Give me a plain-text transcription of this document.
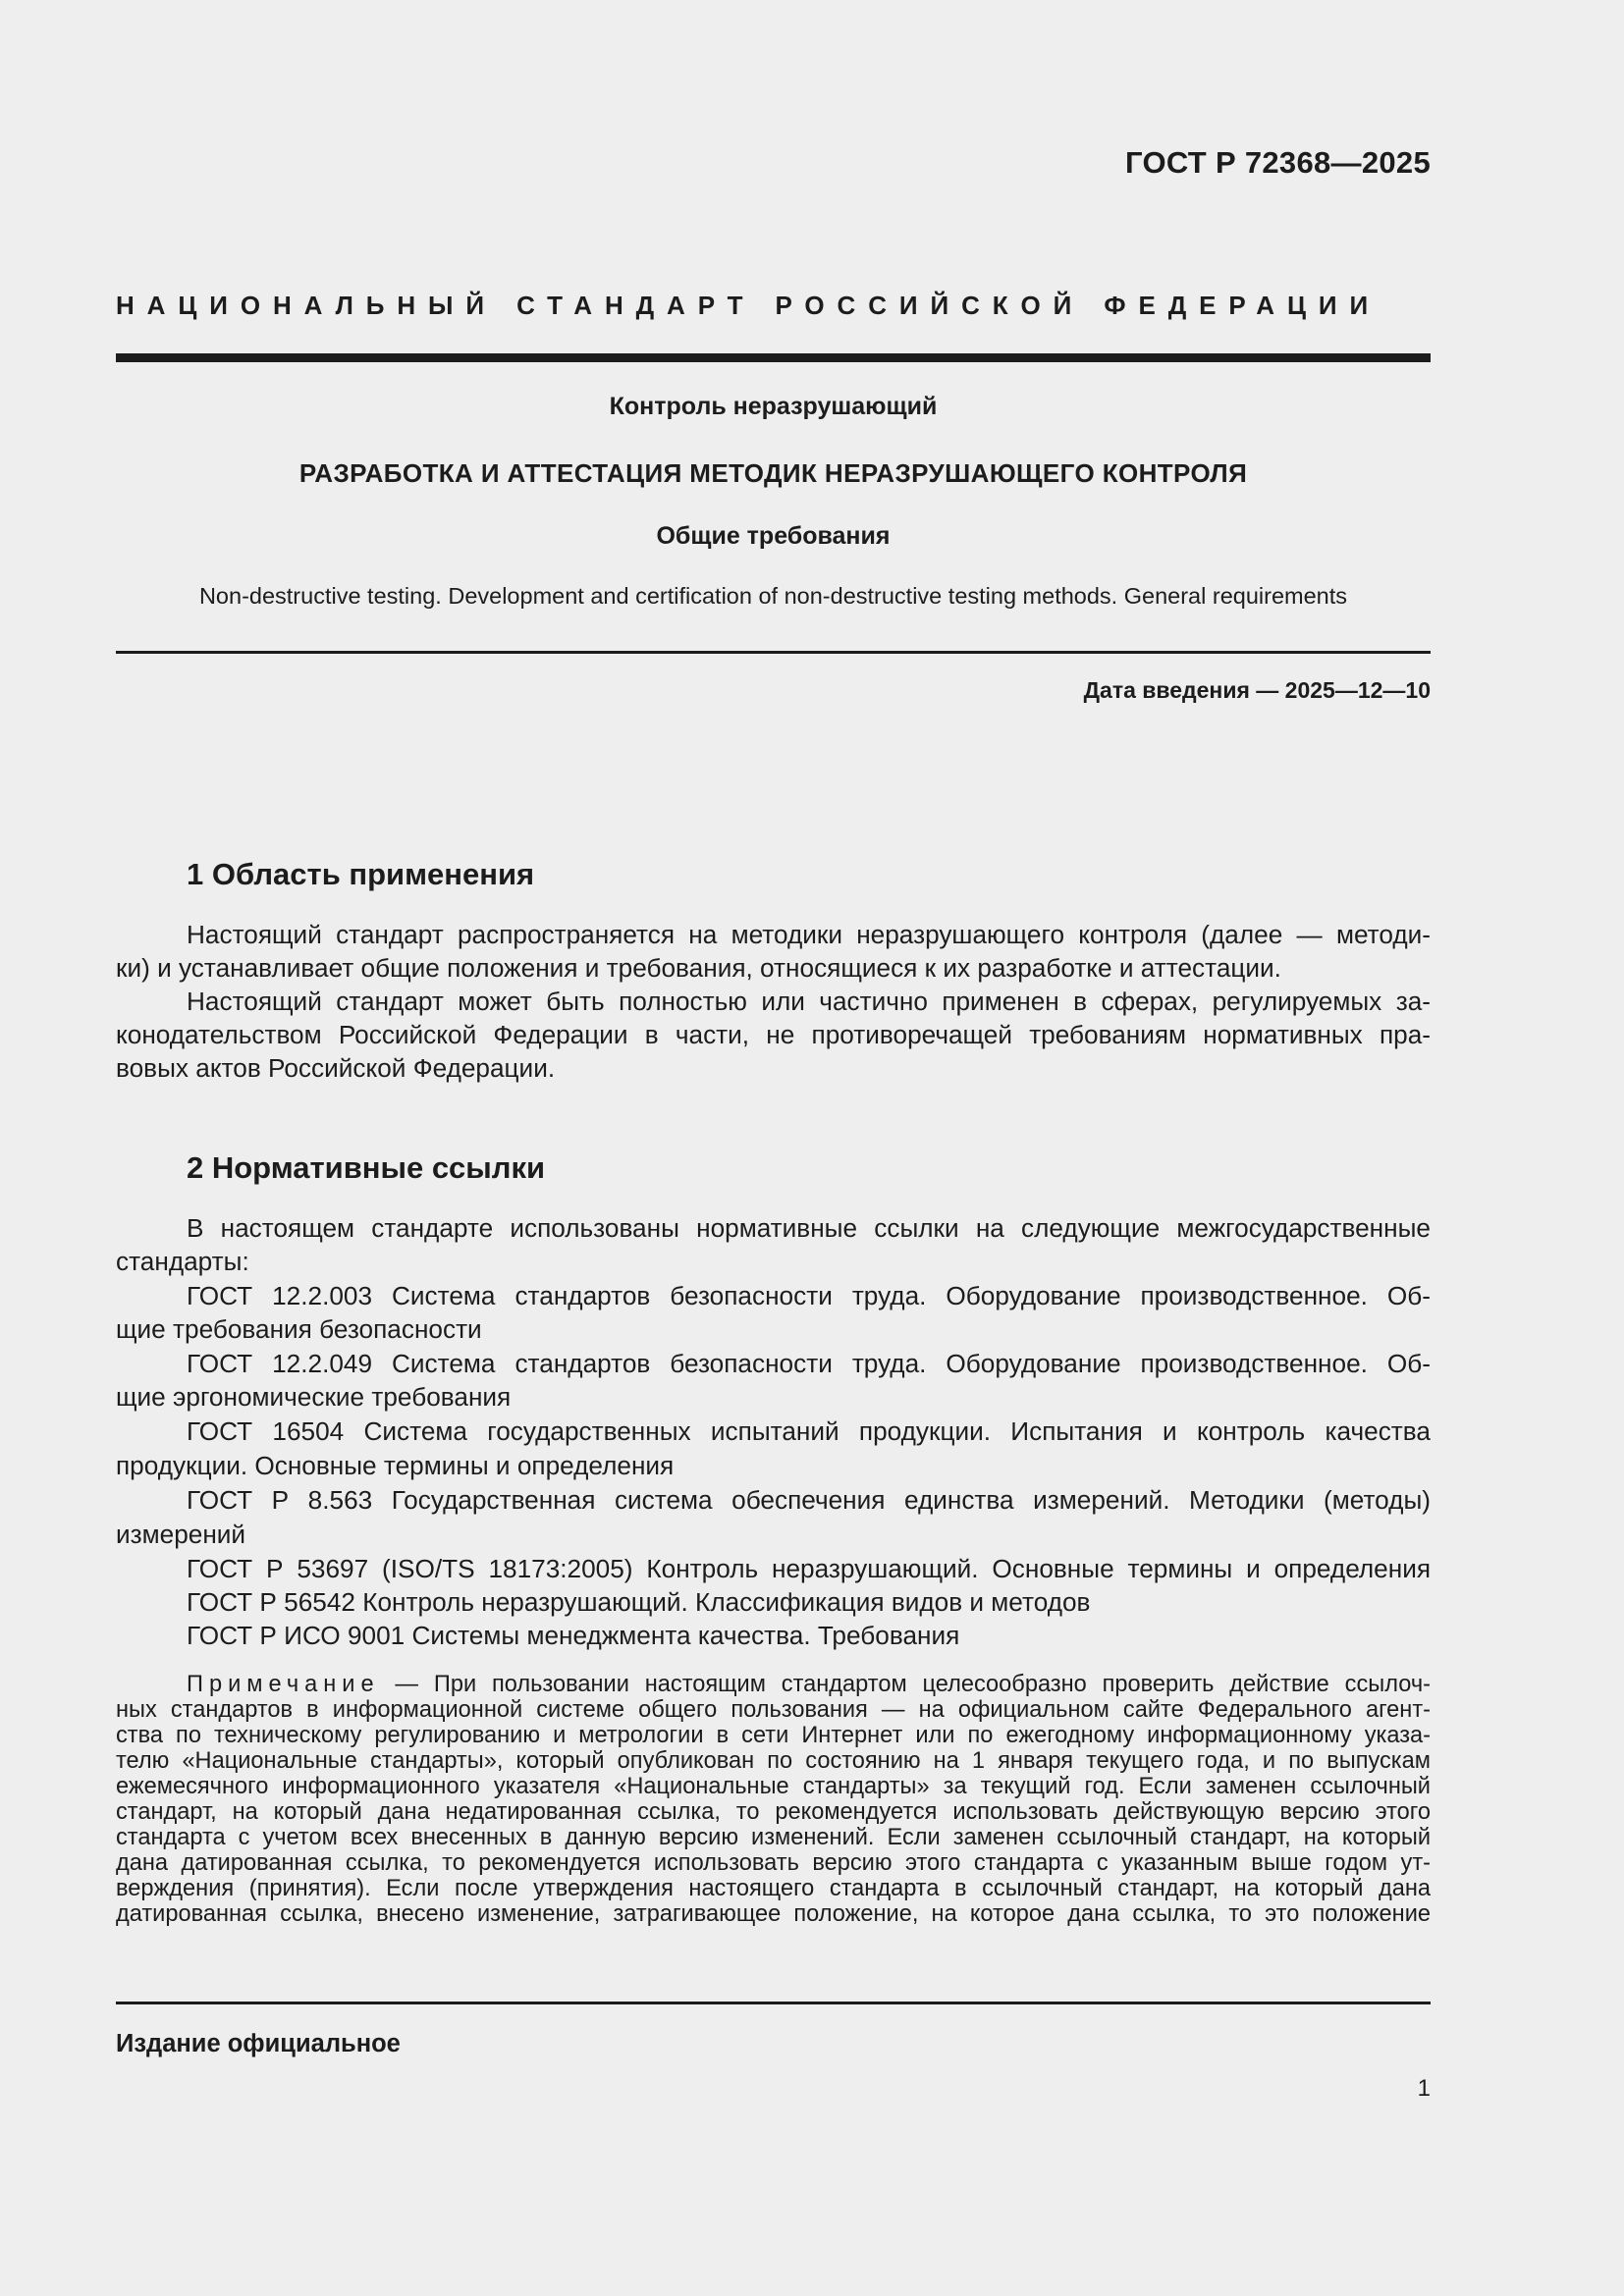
ГОСТ Р 72368—2025
НАЦИОНАЛЬНЫЙ СТАНДАРТ РОССИЙСКОЙ ФЕДЕРАЦИИ
Контроль неразрушающий
РАЗРАБОТКА И АТТЕСТАЦИЯ МЕТОДИК НЕРАЗРУШАЮЩЕГО КОНТРОЛЯ
Общие требования
Non-destructive testing. Development and certification of non-destructive testing methods. General requirements
Дата введения — 2025—12—10
1 Область применения
Настоящий стандарт распространяется на методики неразрушающего контроля (далее — методи-
ки) и устанавливает общие положения и требования, относящиеся к их разработке и аттестации.
Настоящий стандарт может быть полностью или частично применен в сферах, регулируемых за-
конодательством Российской Федерации в части, не противоречащей требованиям нормативных пра-
вовых актов Российской Федерации.
2 Нормативные ссылки
В настоящем стандарте использованы нормативные ссылки на следующие межгосударственные
стандарты:
ГОСТ 12.2.003 Система стандартов безопасности труда. Оборудование производственное. Об-
щие требования безопасности
ГОСТ 12.2.049 Система стандартов безопасности труда. Оборудование производственное. Об-
щие эргономические требования
ГОСТ 16504 Система государственных испытаний продукции. Испытания и контроль качества
продукции. Основные термины и определения
ГОСТ Р 8.563 Государственная система обеспечения единства измерений. Методики (методы)
измерений
ГОСТ Р 53697 (ISO/TS 18173:2005) Контроль неразрушающий. Основные термины и определения
ГОСТ Р 56542 Контроль неразрушающий. Классификация видов и методов
ГОСТ Р ИСО 9001 Системы менеджмента качества. Требования
Примечание — При пользовании настоящим стандартом целесообразно проверить действие ссылоч-
ных стандартов в информационной системе общего пользования — на официальном сайте Федерального агент-
ства по техническому регулированию и метрологии в сети Интернет или по ежегодному информационному указа-
телю «Национальные стандарты», который опубликован по состоянию на 1 января текущего года, и по выпускам
ежемесячного информационного указателя «Национальные стандарты» за текущий год. Если заменен ссылочный
стандарт, на который дана недатированная ссылка, то рекомендуется использовать действующую версию этого
стандарта с учетом всех внесенных в данную версию изменений. Если заменен ссылочный стандарт, на который
дана датированная ссылка, то рекомендуется использовать версию этого стандарта с указанным выше годом ут-
верждения (принятия). Если после утверждения настоящего стандарта в ссылочный стандарт, на который дана
датированная ссылка, внесено изменение, затрагивающее положение, на которое дана ссылка, то это положение
Издание официальное
1
